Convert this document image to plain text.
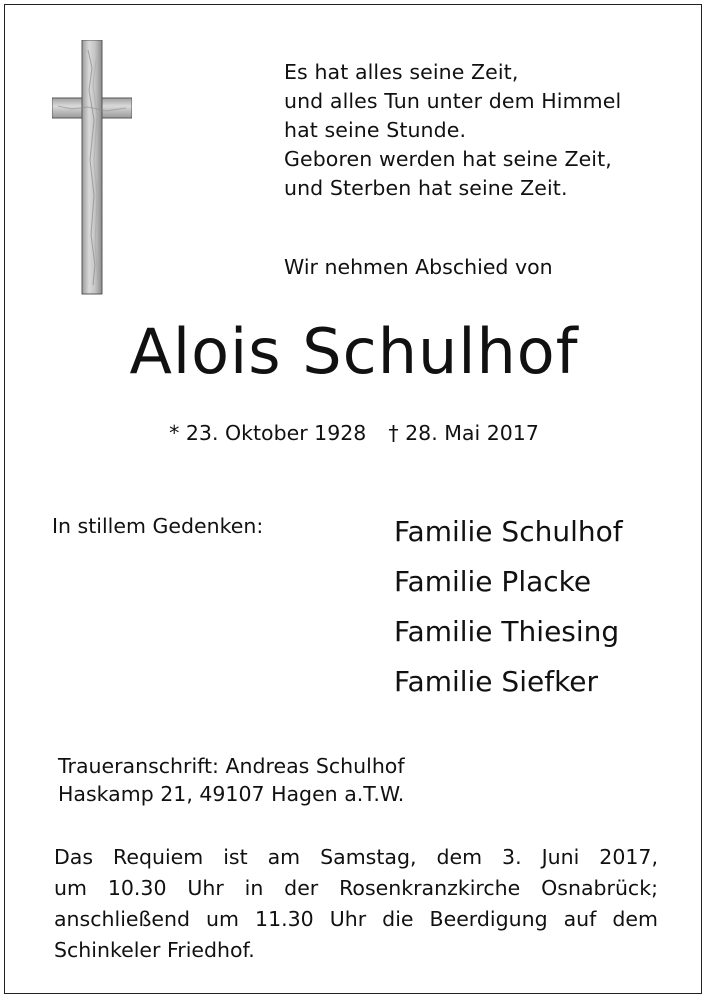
Es hat alles seine Zeit,
und alles Tun unter dem Himmel
hat seine Stunde.
Geboren werden hat seine Zeit,
und Sterben hat seine Zeit.
Wir nehmen Abschied von
Alois Schulhof
* 23. Oktober 1928 † 28. Mai 2017
In stillem Gedenken:	Familie Schulhof
Familie Placke
Familie Thiesing
Familie Siefker
Traueranschrift: Andreas Schulhof
Haskamp 21, 49107 Hagen a.T.W.
Das Requiem ist am Samstag, dem 3. Juni 2017,
um 10.30 Uhr in der Rosenkranzkirche Osnabrück;
anschließend um 11.30 Uhr die Beerdigung auf dem
Schinkeler Friedhof.
